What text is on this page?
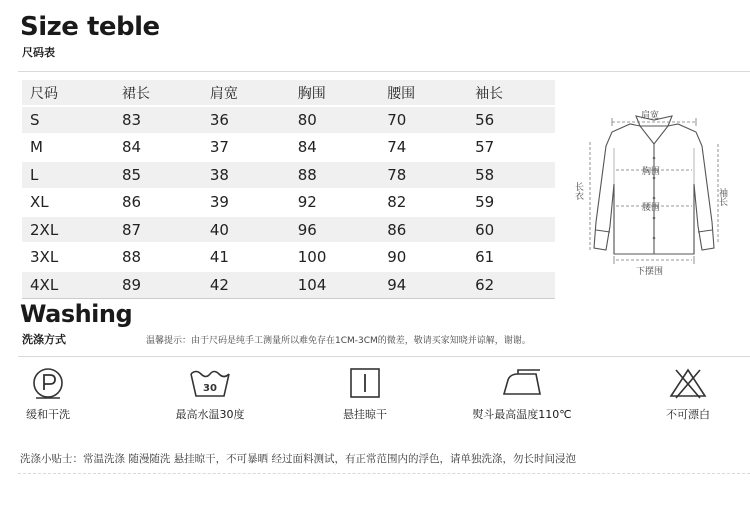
Size teble
尺码表
尺码	裙长	肩宽	胸围	腰围	袖长
S	83	36	80	70	56
M	84	37	84	74	57
L	85	38	88	78	58
XL	86	39	92	82	59
2XL	87	40	96	86	60
3XL	88	41	100	90	61
4XL	89	42	104	94	62
肩宽
胸围
腰围
下摆围
长衣	袖长
Washing
洗涤方式	温馨提示：由于尺码是纯手工测量所以难免存在1CM-3CM的微差，敬请买家知晓并谅解，谢谢。
缓和干洗
30
最高水温30度	悬挂晾干	熨斗最高温度110℃	不可漂白
洗涤小贴士：常温洗涤 随漫随洗 悬挂晾干，不可暴晒 经过面料测试，有正常范围内的浮色，请单独洗涤，勿长时间浸泡
